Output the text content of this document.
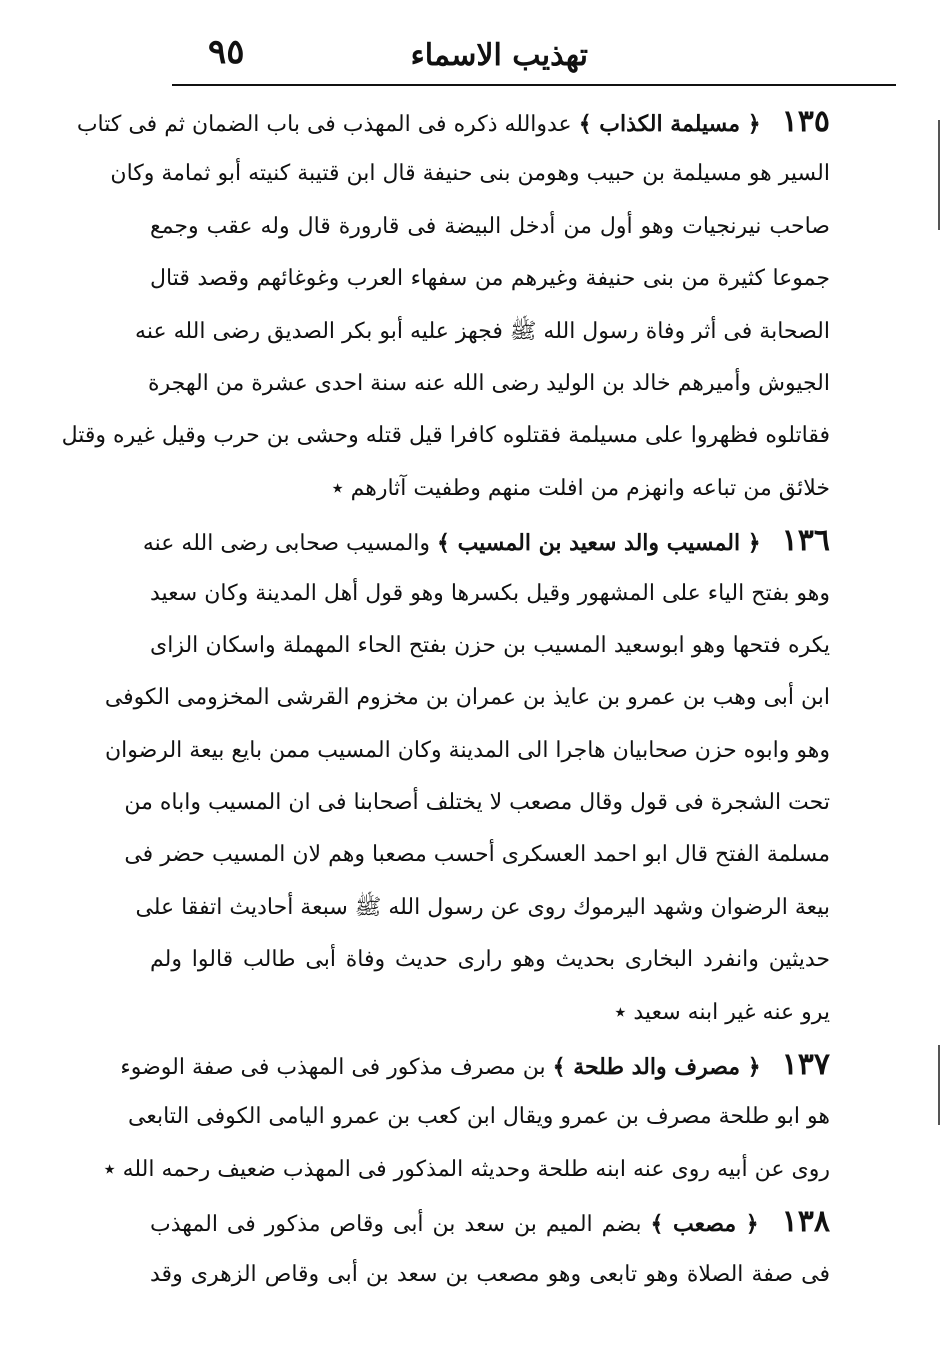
تهذيب الاسماء
٩٥
١٣٥ ﴿ مسيلمة الكذاب ﴾ عدوالله ذكره فى المهذب فى باب الضمان ثم فى كتاب
السير هو مسيلمة بن حبيب وهومن بنى حنيفة قال ابن قتيبة كنيته أبو ثمامة وكان
صاحب نيرنجيات وهو أول من أدخل البيضة فى قارورة قال وله عقب وجمع
جموعا كثيرة من بنى حنيفة وغيرهم من سفهاء العرب وغوغائهم وقصد قتال
الصحابة فى أثر وفاة رسول الله ﷺ فجهز عليه أبو بكر الصديق رضى الله عنه
الجيوش وأميرهم خالد بن الوليد رضى الله عنه سنة احدى عشرة من الهجرة
فقاتلوه فظهروا على مسيلمة فقتلوه كافرا قيل قتله وحشى بن حرب وقيل غيره وقتل
خلائق من تباعه وانهزم من افلت منهم وطفيت آثارهم ٭
١٣٦ ﴿ المسيب والد سعيد بن المسيب ﴾ والمسيب صحابى رضى الله عنه
وهو بفتح الياء على المشهور وقيل بكسرها وهو قول أهل المدينة وكان سعيد
يكره فتحها وهو ابوسعيد المسيب بن حزن بفتح الحاء المهملة واسكان الزاى
ابن أبى وهب بن عمرو بن عايذ بن عمران بن مخزوم القرشى المخزومى الكوفى
وهو وابوه حزن صحابيان هاجرا الى المدينة وكان المسيب ممن بايع بيعة الرضوان
تحت الشجرة فى قول وقال مصعب لا يختلف أصحابنا فى ان المسيب واباه من
مسلمة الفتح قال ابو احمد العسكرى أحسب مصعبا وهم لان المسيب حضر فى
بيعة الرضوان وشهد اليرموك روى عن رسول الله ﷺ سبعة أحاديث اتفقا على
حديثين وانفرد البخارى بحديث وهو رارى حديث وفاة أبى طالب قالوا ولم
يرو عنه غير ابنه سعيد ٭
١٣٧ ﴿ مصرف والد طلحة ﴾ بن مصرف مذكور فى المهذب فى صفة الوضوء
هو ابو طلحة مصرف بن عمرو ويقال ابن كعب بن عمرو اليامى الكوفى التابعى
روى عن أبيه روى عنه ابنه طلحة وحديثه المذكور فى المهذب ضعيف رحمه الله ٭
١٣٨ ﴿ مصعب ﴾ بضم الميم بن سعد بن أبى وقاص مذكور فى المهذب
فى صفة الصلاة وهو تابعى وهو مصعب بن سعد بن أبى وقاص الزهرى وقد
